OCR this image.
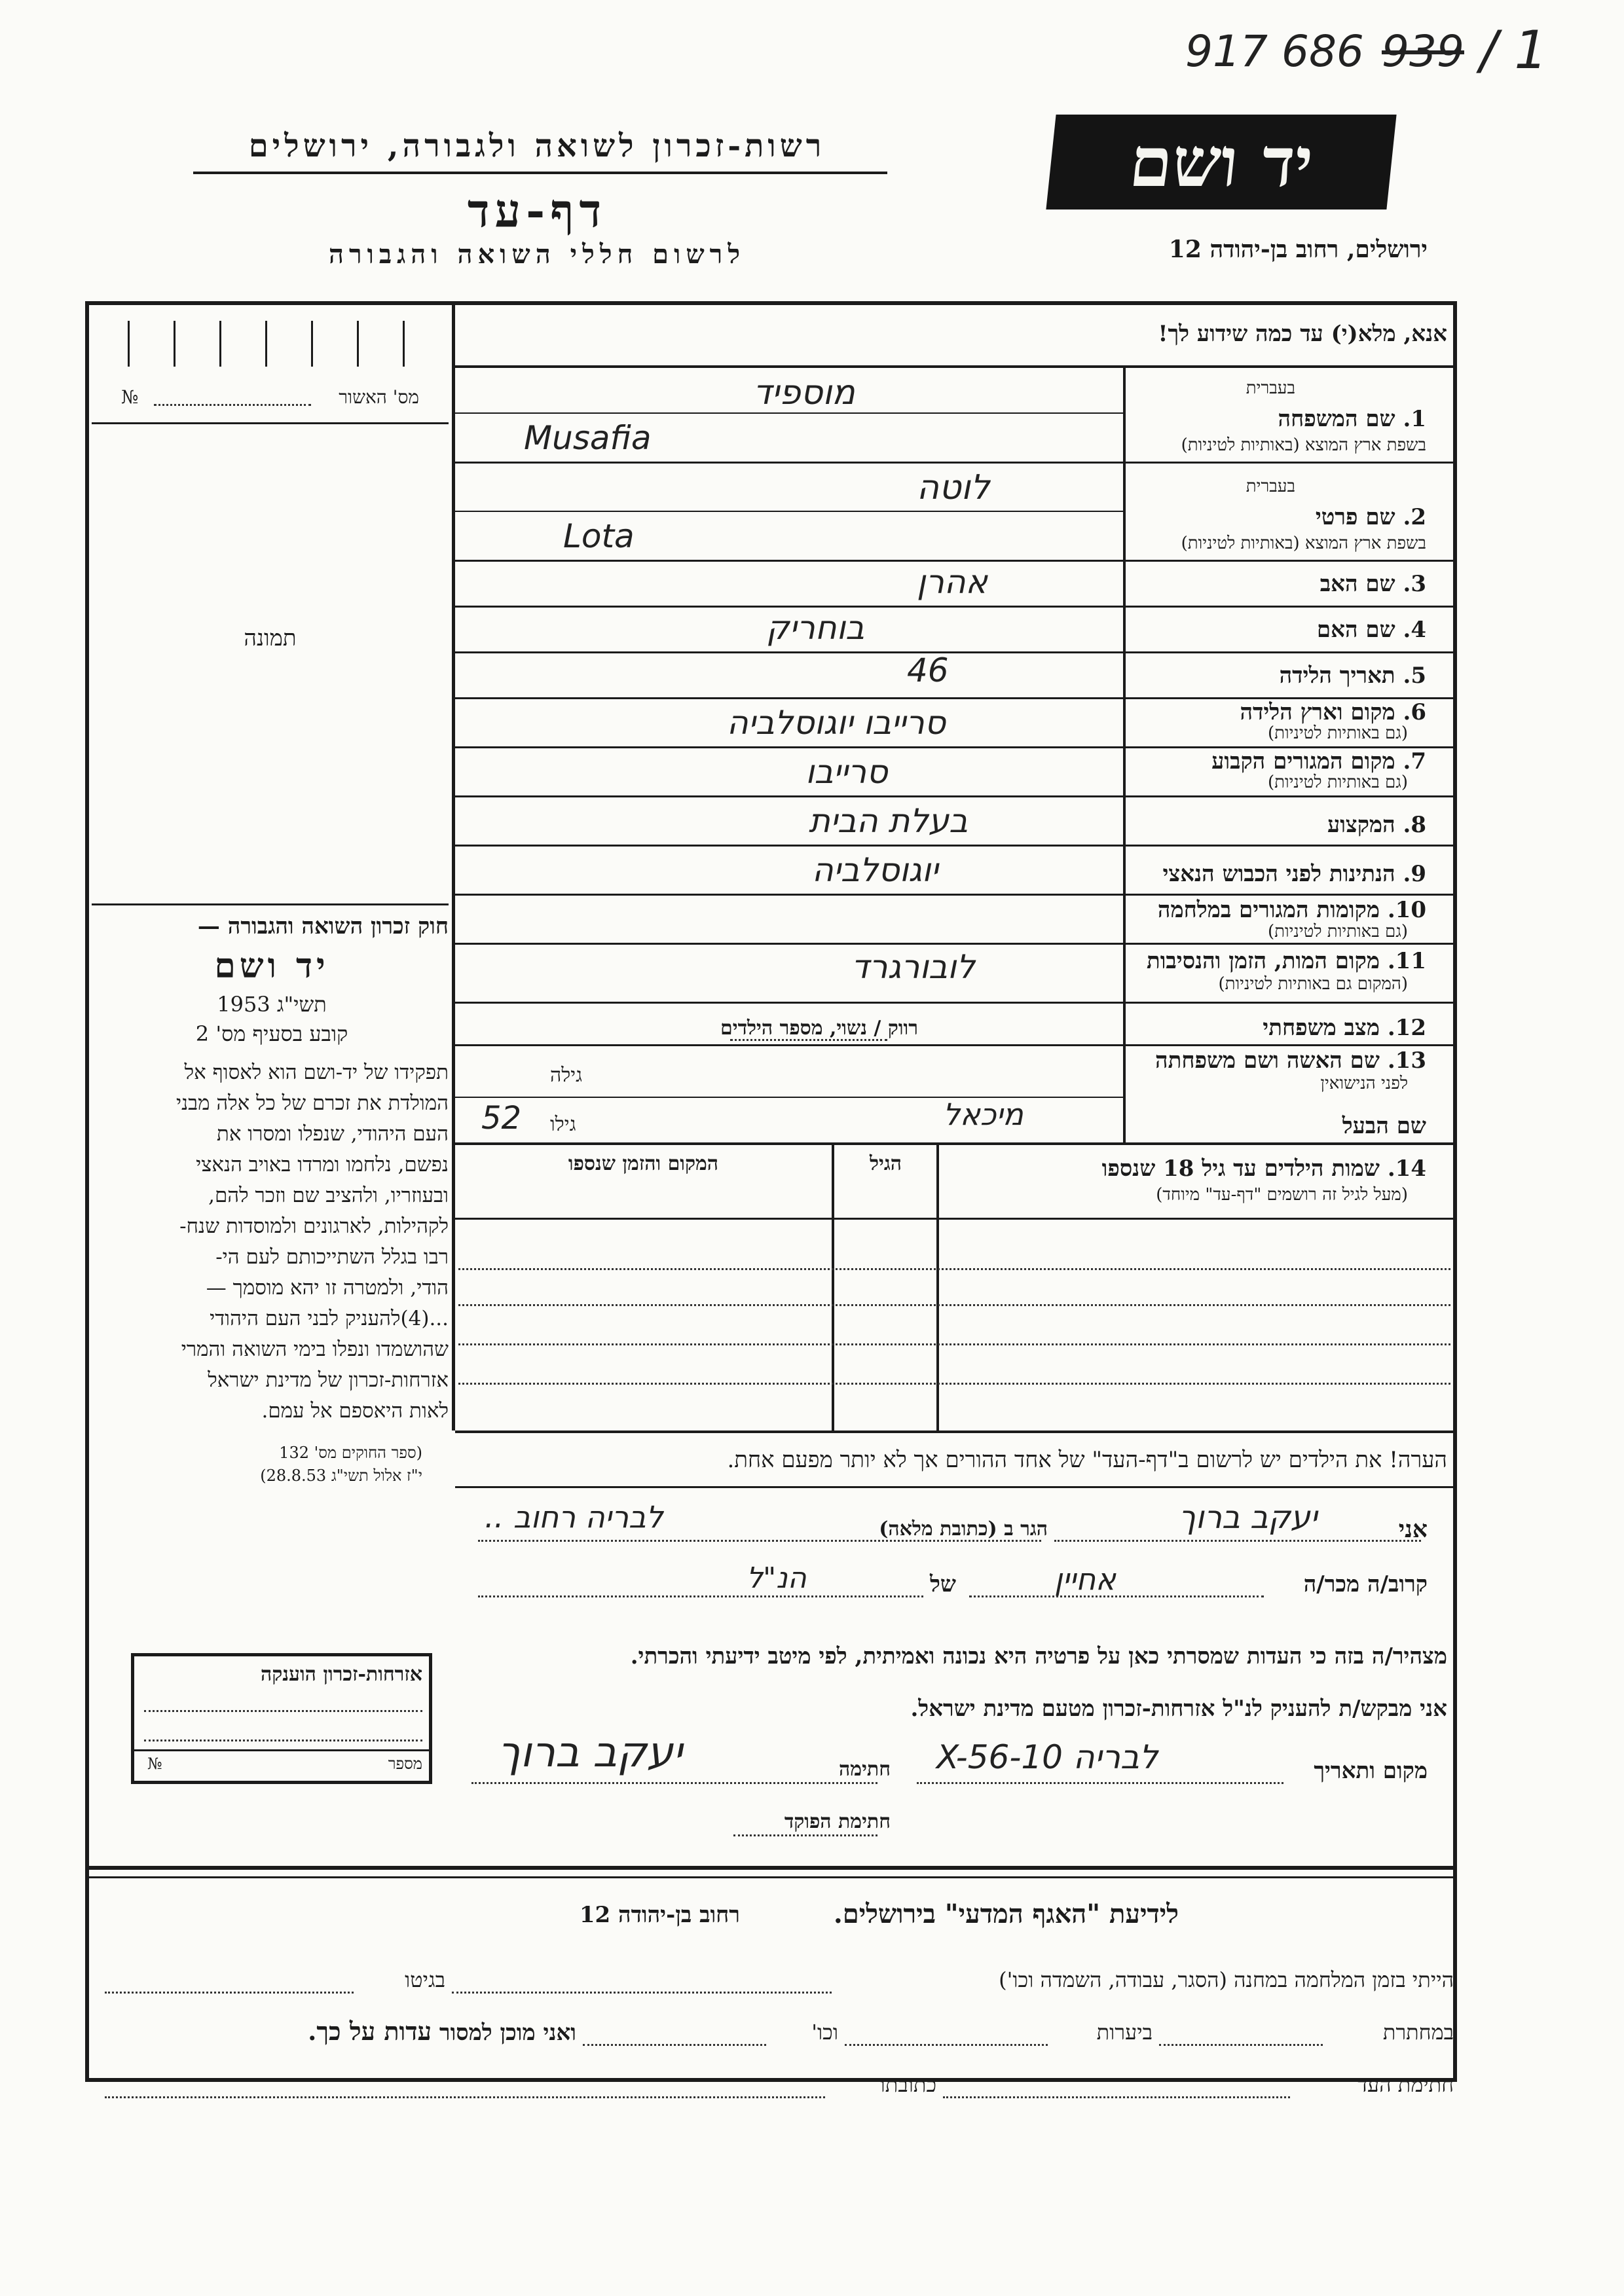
917 686 939 / 1
רשות-זכרון לשואה ולגבורה, ירושלים
דף-עד
לרשום חללי השואה והגבורה
יד ושם
ירושלים, רחוב בן-יהודה 12
מס' האשור
№
תמונה
חוק זכרון השואה והגבורה —
יד ושם
תשי"ג 1953
קובע בסעיף מס' 2
תפקידו של יד-ושם הוא לאסוף אל
המולדת את זכרם של כל אלה מבני
העם היהודי, שנפלו ומסרו את
נפשם, נלחמו ומרדו באויב הנאצי
ובעוזריו, ולהציב שם וזכר להם,
לקהילות, לארגונים ולמוסדות שנח-
רבו בגלל השתייכותם לעם הי-
הודי, ולמטרה זו יהא מוסמך —
...(4)להעניק לבני העם היהודי
שהושמדו ונפלו בימי השואה והמרי
אזרחות-זכרון של מדינת ישראל
לאות היאספם אל עמם.
(ספר החוקים מס' 132
י"ז אלול תשי"ג 28.8.53)
אזרחות-זכרון הוענקה
№	מספר
אנא, מלא(י) עד כמה שידוע לך!
בעברית
1. שם המשפחה
בשפת ארץ המוצא (באותיות לטיניות)
מוספיד
Musafia
בעברית
2. שם פרטי
בשפת ארץ המוצא (באותיות לטיניות)
לוטה
Lota
3. שם האב
אהרן
4. שם האם
בוחריק
5. תאריך הלידה
46
6. מקום וארץ הלידה
(גם באותיות לטיניות)
סרייבו יוגוסלביה
7. מקום המגורים הקבוע
(גם באותיות לטיניות)
סרייבו
8. המקצוע
בעלת הבית
9. הנתינות לפני הכבוש הנאצי
יוגוסלביה
10. מקומות המגורים במלחמה
(גם באותיות לטיניות)
11. מקום המות, הזמן והנסיבות
(המקום גם באותיות לטיניות)
לובורגרד
12. מצב משפחתי
רווק / נשוי, מספר הילדים
13. שם האשה ושם משפחתה
לפני הנישואין
גילה
שם הבעל
גילו
52	מיכאל
14. שמות הילדים עד גיל 18 שנספו
(מעל לגיל זה רושמים "דף-עד" מיוחד)
הגיל
המקום והזמן שנספו
הערה! את הילדים יש לרשום ב"דף-העד" של אחד ההורים אך לא יותר מפעם אחת.
אני
יעקב ברוך
הגר ב (כתובת מלאה)
לבריה רחוב ..
קרוב/ה מכר/ה
אחיין
של
הנ"ל
מצהיר/ה בזה כי העדות שמסרתי כאן על פרטיה היא נכונה ואמיתית, לפי מיטב ידיעתי והכרתי.
אני מבקש/ת להעניק לנ"ל אזרחות-זכרון מטעם מדינת ישראל.
מקום ותאריך
לבריה 10-X-56
חתימה
יעקב ברוך
חתימת הפוקד
לידיעת "האגף המדעי" בירושלים.
רחוב בן-יהודה 12
הייתי בזמן המלחמה במחנה (הסגר, עבודה, השמדה וכו')
בגיטו
במחתרת
ביערות
וכו'
ואני מוכן למסור עדות על כך.
חתימת העד
כתובתו
